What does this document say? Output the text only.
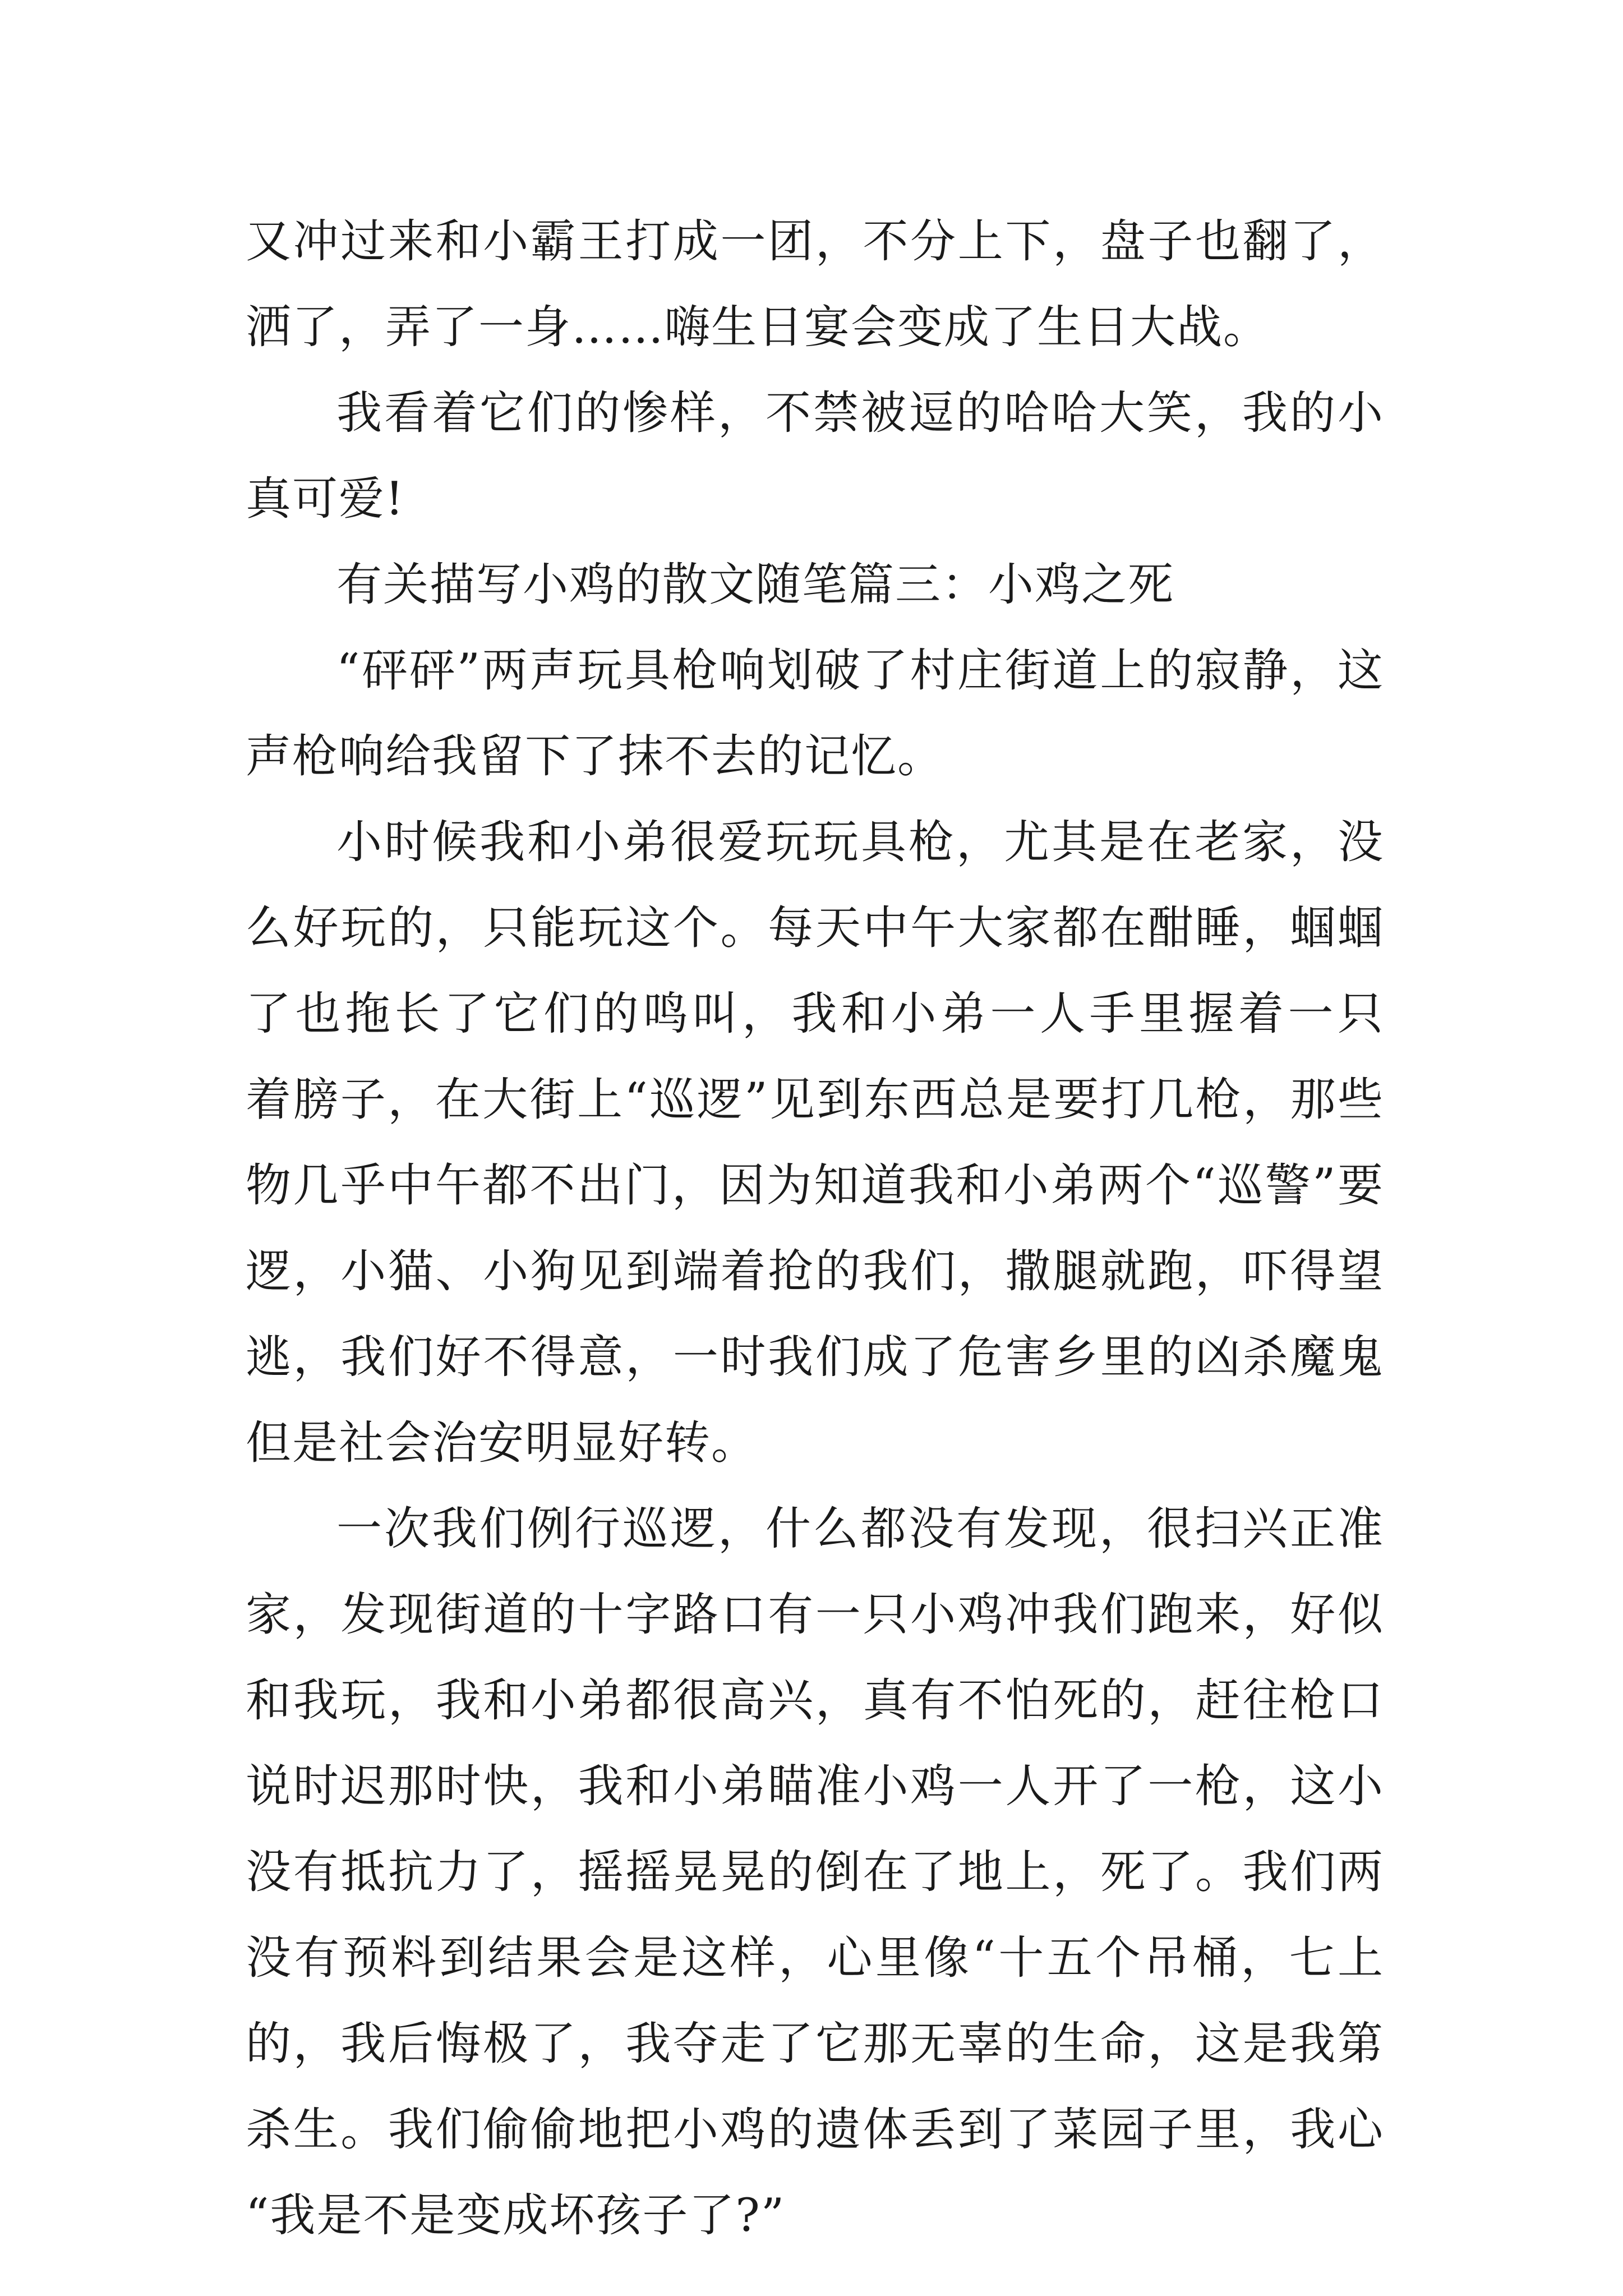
又冲过来和小霸王打成一团，不分上下，盘子也翻了，
洒了，弄了一身……嗨生日宴会变成了生日大战。
我看着它们的惨样，不禁被逗的哈哈大笑，我的小
真可爱!
有关描写小鸡的散文随笔篇三：小鸡之死
“砰砰”两声玩具枪响划破了村庄街道上的寂静，这
声枪响给我留下了抹不去的记忆。
小时候我和小弟很爱玩玩具枪，尤其是在老家，没
么好玩的，只能玩这个。每天中午大家都在酣睡，蝈蝈
了也拖长了它们的鸣叫，我和小弟一人手里握着一只
着膀子，在大街上“巡逻”见到东西总是要打几枪，那些
物几乎中午都不出门，因为知道我和小弟两个“巡警”要
逻，小猫、小狗见到端着抢的我们，撒腿就跑，吓得望
逃，我们好不得意，一时我们成了危害乡里的凶杀魔鬼
但是社会治安明显好转。
一次我们例行巡逻，什么都没有发现，很扫兴正准
家，发现街道的十字路口有一只小鸡冲我们跑来，好似
和我玩，我和小弟都很高兴，真有不怕死的，赶往枪口
说时迟那时快，我和小弟瞄准小鸡一人开了一枪，这小
没有抵抗力了，摇摇晃晃的倒在了地上，死了。我们两
没有预料到结果会是这样，心里像“十五个吊桶，七上
的，我后悔极了，我夺走了它那无辜的生命，这是我第
杀生。我们偷偷地把小鸡的遗体丢到了菜园子里，我心
“我是不是变成坏孩子了?”
